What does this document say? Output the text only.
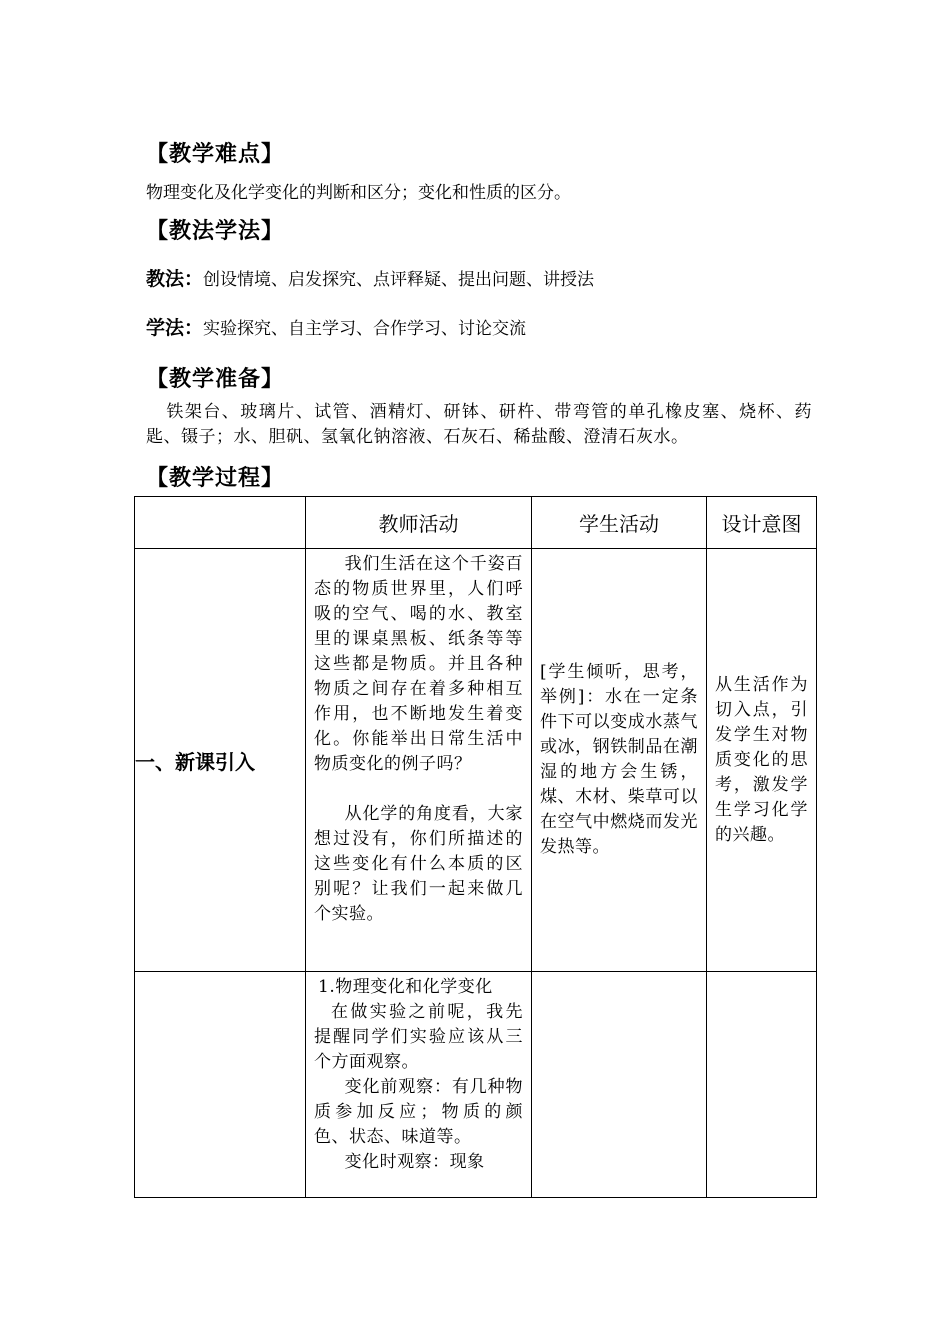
【教学难点】
物理变化及化学变化的判断和区分；变化和性质的区分。
【教法学法】
教法：创设情境、启发探究、点评释疑、提出问题、讲授法
学法：实验探究、自主学习、合作学习、讨论交流
【教学准备】
铁架台、玻璃片、试管、酒精灯、研钵、研杵、带弯管的单孔橡皮塞、烧杯、药匙、镊子；水、胆矾、氢氧化钠溶液、石灰石、稀盐酸、澄清石灰水。
【教学过程】
	教师活动	学生活动	设计意图
一、新课引入	我们生活在这个千姿百态的物质世界里，人们呼吸的空气、喝的水、教室里的课桌黑板、纸条等等这些都是物质。并且各种物质之间存在着多种相互作用，也不断地发生着变化。你能举出日常生活中物质变化的例子吗？
从化学的角度看，大家想过没有，你们所描述的这些变化有什么本质的区别呢？让我们一起来做几个实验。	[学生倾听，思考，举例]：水在一定条件下可以变成水蒸气或冰，钢铁制品在潮湿的地方会生锈，煤、木材、柴草可以在空气中燃烧而发光发热等。	从生活作为切入点，引发学生对物质变化的思考，激发学生学习化学的兴趣。

	1.物理变化和化学变化
在做实验之前呢，我先提醒同学们实验应该从三个方面观察。
变化前观察：有几种物质参加反应；物质的颜色、状态、味道等。
变化时观察：现象		
